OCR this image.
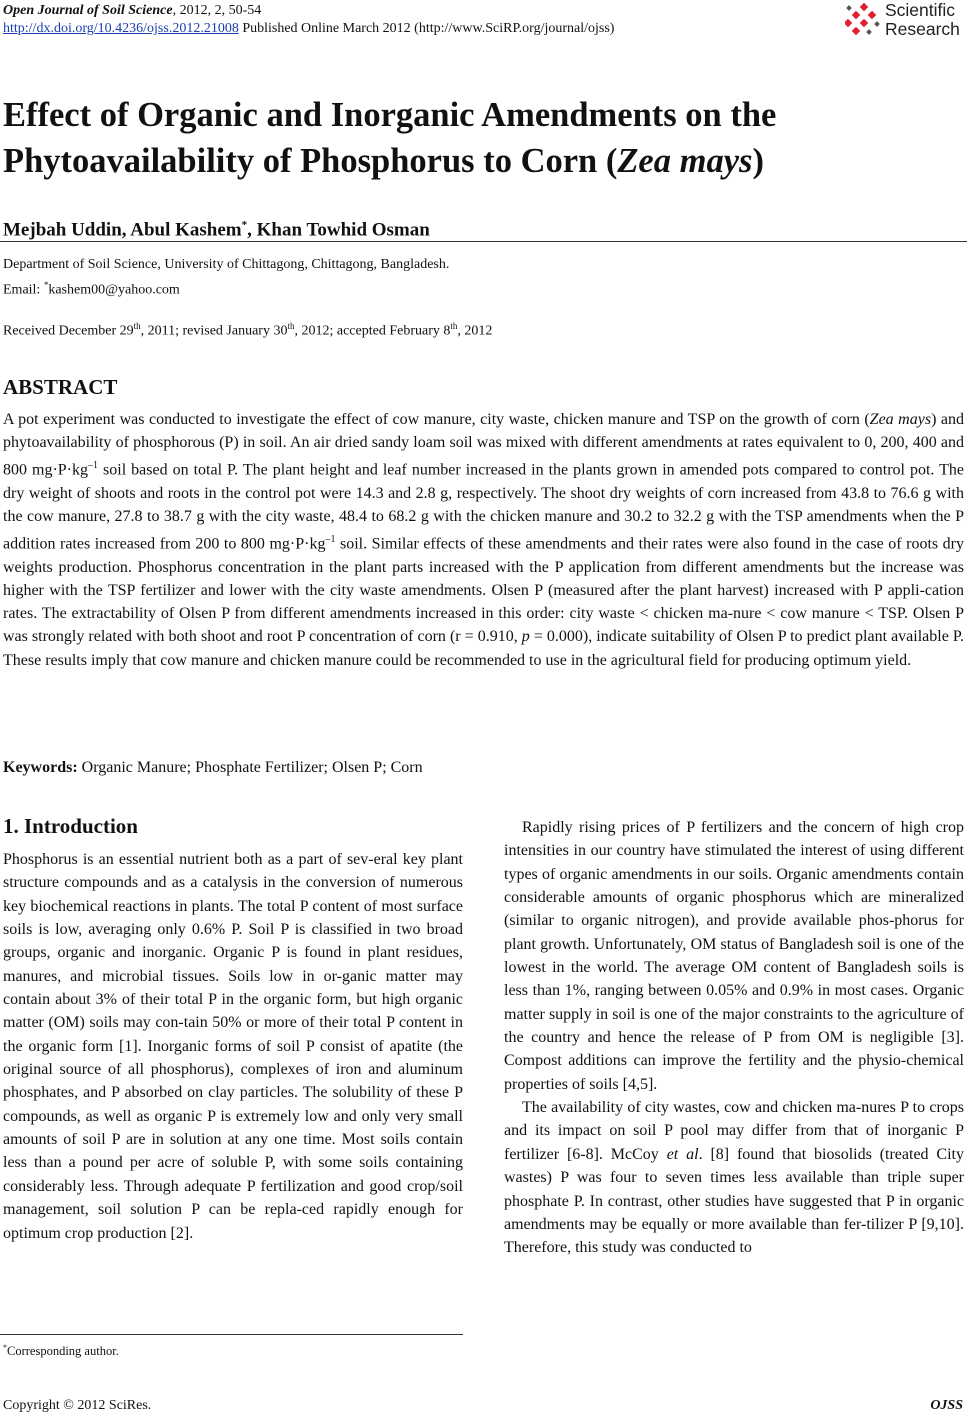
Open Journal of Soil Science, 2012, 2, 50-54
http://dx.doi.org/10.4236/ojss.2012.21008 Published Online March 2012 (http://www.SciRP.org/journal/ojss)
Scientific
Research
Effect of Organic and Inorganic Amendments on the Phytoavailability of Phosphorus to Corn (Zea mays)
Mejbah Uddin, Abul Kashem*, Khan Towhid Osman
Department of Soil Science, University of Chittagong, Chittagong, Bangladesh.
Email: *kashem00@yahoo.com
Received December 29th, 2011; revised January 30th, 2012; accepted February 8th, 2012
ABSTRACT
A pot experiment was conducted to investigate the effect of cow manure, city waste, chicken manure and TSP on the growth of corn (Zea mays) and phytoavailability of phosphorous (P) in soil. An air dried sandy loam soil was mixed with different amendments at rates equivalent to 0, 200, 400 and 800 $mg\cdot P\cdot kg^{-1}$ soil based on total P. The plant height and leaf number increased in the plants grown in amended pots compared to control pot. The dry weight of shoots and roots in the control pot were 14.3 and 2.8 g, respectively. The shoot dry weights of corn increased from 43.8 to 76.6 g with the cow manure, 27.8 to 38.7 g with the city waste, 48.4 to 68.2 g with the chicken manure and 30.2 to 32.2 g with the TSP amendments when the P addition rates increased from 200 to 800 $mg\cdot P\cdot kg^{-1}$ soil. Similar effects of these amendments and their rates were also found in the case of roots dry weights production. Phosphorus concentration in the plant parts increased with the P application from different amendments but the increase was higher with the TSP fertilizer and lower with the city waste amendments. Olsen P (measured after the plant harvest) increased with P appli-cation rates. The extractability of Olsen P from different amendments increased in this order: city waste < chicken ma-nure < cow manure < TSP. Olsen P was strongly related with both shoot and root P concentration of corn (r = 0.910, p = 0.000), indicate suitability of Olsen P to predict plant available P. These results imply that cow manure and chicken manure could be recommended to use in the agricultural field for producing optimum yield.
Keywords: Organic Manure; Phosphate Fertilizer; Olsen P; Corn
1. Introduction

Phosphorus is an essential nutrient both as a part of sev-eral key plant structure compounds and as a catalysis in the conversion of numerous key biochemical reactions in plants. The total P content of most surface soils is low, averaging only 0.6% P. Soil P is classified in two broad groups, organic and inorganic. Organic P is found in plant residues, manures, and microbial tissues. Soils low in or-ganic matter may contain about 3% of their total P in the organic form, but high organic matter (OM) soils may con-tain 50% or more of their total P content in the organic form [1]. Inorganic forms of soil P consist of apatite (the original source of all phosphorus), complexes of iron and aluminum phosphates, and P absorbed on clay particles. The solubility of these P compounds, as well as organic P is extremely low and only very small amounts of soil P are in solution at any one time. Most soils contain less than a pound per acre of soluble P, with some soils containing considerably less. Through adequate P fertilization and good crop/soil management, soil solution P can be repla-ced rapidly enough for optimum crop production [2].

Rapidly rising prices of P fertilizers and the concern of high crop intensities in our country have stimulated the interest of using different types of organic amendments in our soils. Organic amendments contain considerable amounts of organic phosphorus which are mineralized (similar to organic nitrogen), and provide available phos-phorus for plant growth. Unfortunately, OM status of Bangladesh soil is one of the lowest in the world. The average OM content of Bangladesh soils is less than 1%, ranging between 0.05% and 0.9% in most cases. Organic matter supply in soil is one of the major constraints to the agriculture of the country and hence the release of P from OM is negligible [3]. Compost additions can improve the fertility and the physio-chemical properties of soils [4,5].

The availability of city wastes, cow and chicken ma-nures P to crops and its impact on soil P pool may differ from that of inorganic P fertilizer [6-8]. McCoy et al. [8] found that biosolids (treated City wastes) P was four to seven times less available than triple super phosphate P. In contrast, other studies have suggested that P in organic amendments may be equally or more available than fer-tilizer P [9,10]. Therefore, this study was conducted to

*Corresponding author.
Copyright © 2012 SciRes.	OJSS
